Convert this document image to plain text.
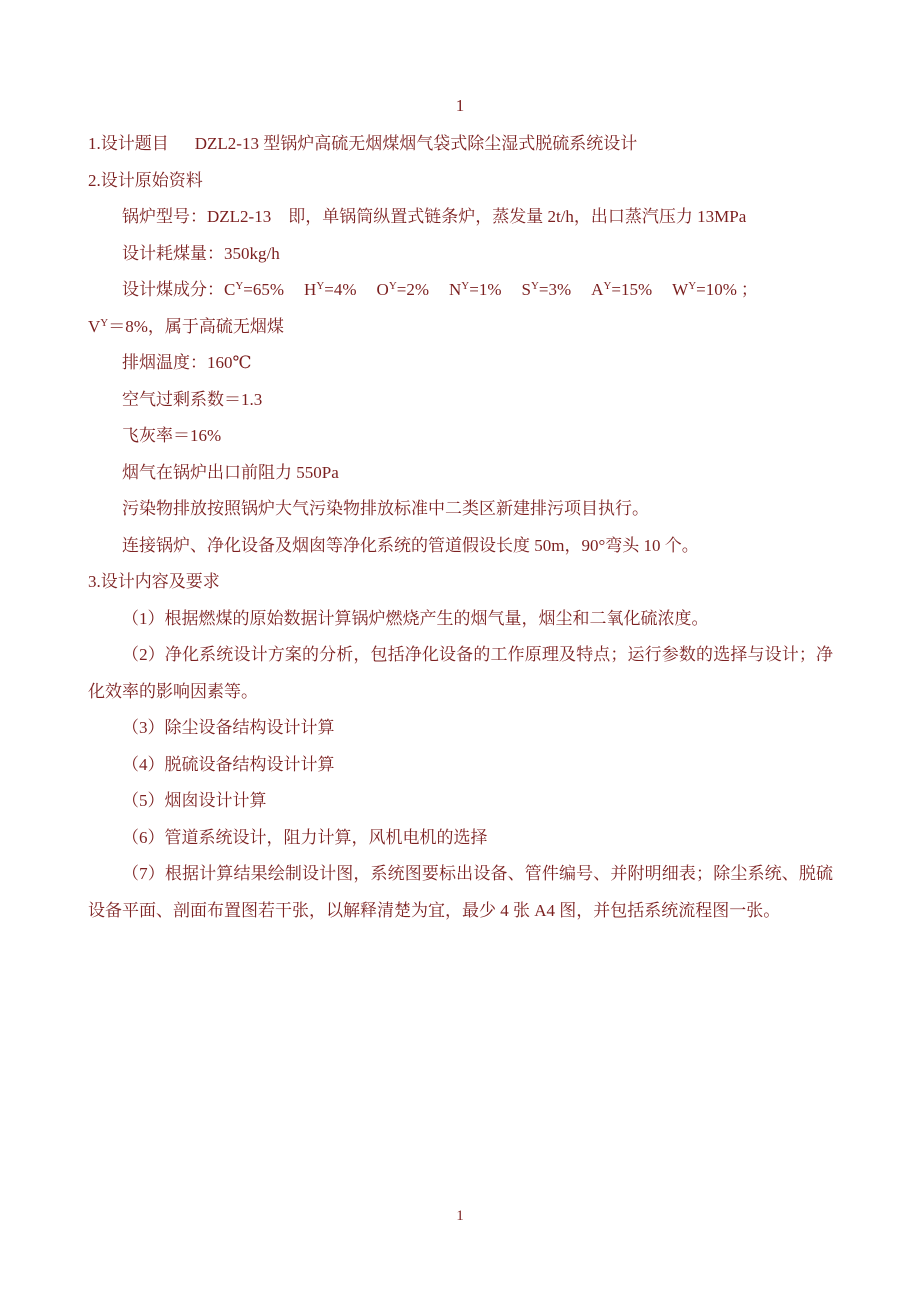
1
1.设计题目 DZL2-13 型锅炉高硫无烟煤烟气袋式除尘湿式脱硫系统设计
2.设计原始资料
锅炉型号：DZL2-13　即，单锅筒纵置式链条炉，蒸发量 2t/h，出口蒸汽压力 13MPa
设计耗煤量：350kg/h
设计煤成分：$C^Y=65\%$ $H^Y=4\%$ $O^Y=2\%$ $N^Y=1\%$ $S^Y=3\%$ $A^Y=15\%$ $W^Y=10\%$ ；
$V^Y=8\%$，属于高硫无烟煤
排烟温度：160℃
空气过剩系数＝1.3
飞灰率＝16%
烟气在锅炉出口前阻力 550Pa
污染物排放按照锅炉大气污染物排放标准中二类区新建排污项目执行。
连接锅炉、净化设备及烟囱等净化系统的管道假设长度 50m，90°弯头 10 个。
3.设计内容及要求
（1）根据燃煤的原始数据计算锅炉燃烧产生的烟气量，烟尘和二氧化硫浓度。
（2）净化系统设计方案的分析，包括净化设备的工作原理及特点；运行参数的选择与设计；净化效率的影响因素等。
（3）除尘设备结构设计计算
（4）脱硫设备结构设计计算
（5）烟囱设计计算
（6）管道系统设计，阻力计算，风机电机的选择
（7）根据计算结果绘制设计图，系统图要标出设备、管件编号、并附明细表；除尘系统、脱硫设备平面、剖面布置图若干张，以解释清楚为宜，最少 4 张 A4 图，并包括系统流程图一张。
1
